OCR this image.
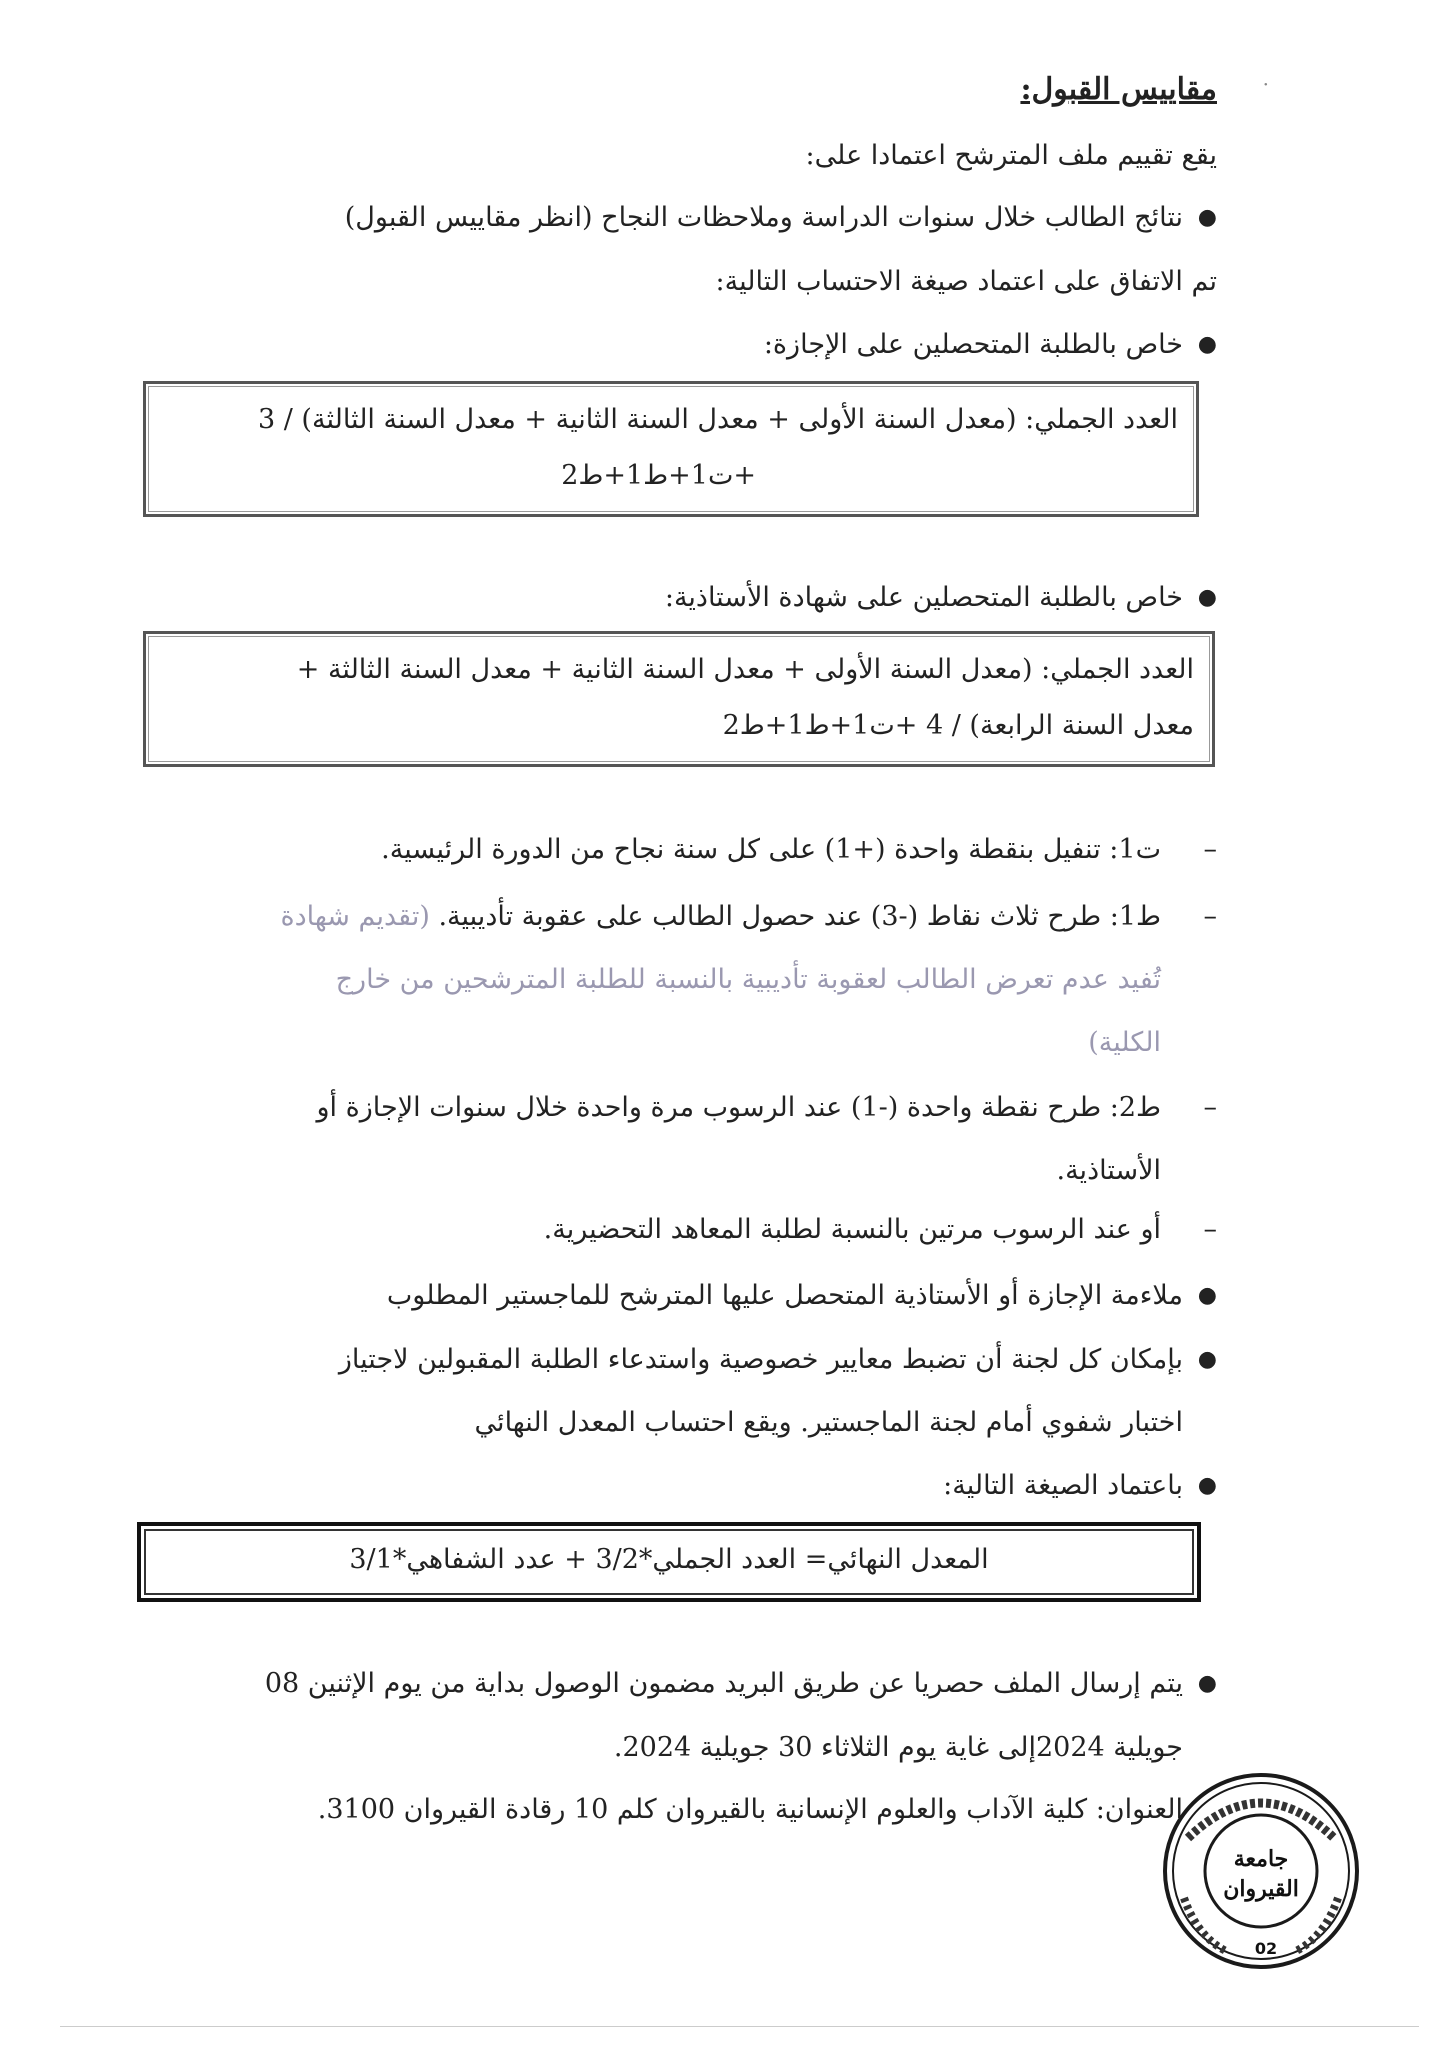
·
مقاييس القبول:
يقع تقييم ملف المترشح اعتمادا على:
●
نتائج الطالب خلال سنوات الدراسة وملاحظات النجاح (انظر مقاييس القبول)
تم الاتفاق على اعتماد صيغة الاحتساب التالية:
●
خاص بالطلبة المتحصلين على الإجازة:
العدد الجملي: (معدل السنة الأولى + معدل السنة الثانية + معدل السنة الثالثة) / 3
+ت1+ط1+ط2
●
خاص بالطلبة المتحصلين على شهادة الأستاذية:
العدد الجملي: (معدل السنة الأولى + معدل السنة الثانية + معدل السنة الثالثة +
معدل السنة الرابعة) / 4 +ت1+ط1+ط2
–
ت1: تنفيل بنقطة واحدة (+1) على كل سنة نجاح من الدورة الرئيسية.
–
ط1: طرح ثلاث نقاط (-3) عند حصول الطالب على عقوبة تأديبية. (تقديم شهادة
تُفيد عدم تعرض الطالب لعقوبة تأديبية بالنسبة للطلبة المترشحين من خارج
الكلية)
–
ط2: طرح نقطة واحدة (-1) عند الرسوب مرة واحدة خلال سنوات الإجازة أو
الأستاذية.
–
أو عند الرسوب مرتين بالنسبة لطلبة المعاهد التحضيرية.
●
ملاءمة الإجازة أو الأستاذية المتحصل عليها المترشح للماجستير المطلوب
●
بإمكان كل لجنة أن تضبط معايير خصوصية واستدعاء الطلبة المقبولين لاجتياز
اختبار شفوي أمام لجنة الماجستير. ويقع احتساب المعدل النهائي
●
باعتماد الصيغة التالية:
المعدل النهائي= العدد الجملي*3/2 + عدد الشفاهي*3/1
●
يتم إرسال الملف حصريا عن طريق البريد مضمون الوصول بداية من يوم الإثنين 08
جويلية 2024إلى غاية يوم الثلاثاء 30 جويلية 2024.
العنوان: كلية الآداب والعلوم الإنسانية بالقيروان كلم 10 رقادة القيروان 3100.
جامعة
القيروان
02
